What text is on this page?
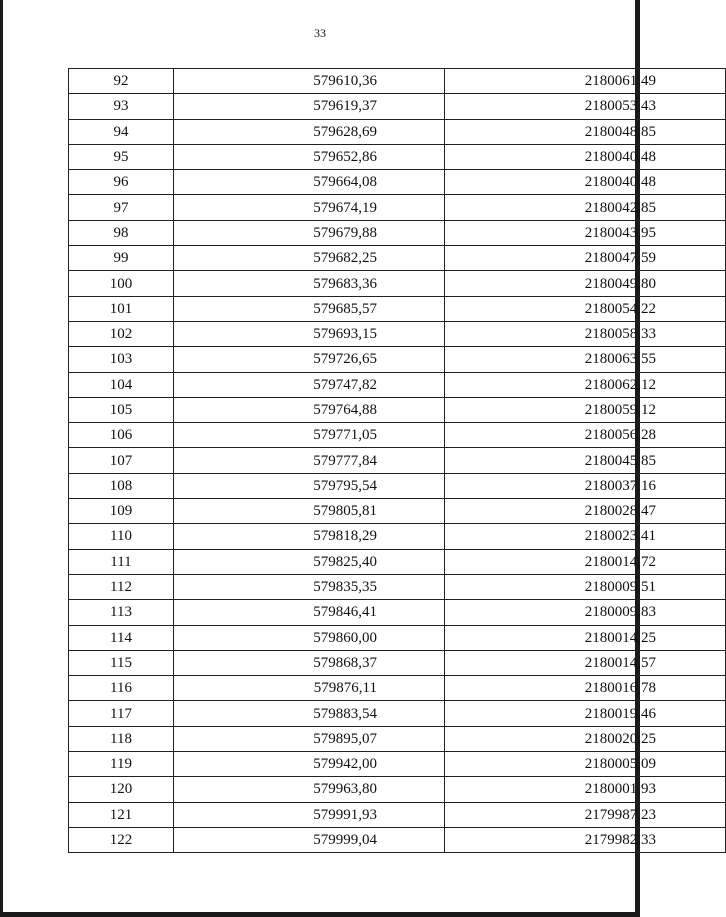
33
92	579610,36	2180061,49
93	579619,37	2180053,43
94	579628,69	2180048,85
95	579652,86	2180040,48
96	579664,08	2180040,48
97	579674,19	2180042,85
98	579679,88	2180043,95
99	579682,25	2180047,59
100	579683,36	2180049,80
101	579685,57	2180054,22
102	579693,15	2180058,33
103	579726,65	2180063,55
104	579747,82	2180062,12
105	579764,88	2180059,12
106	579771,05	2180056,28
107	579777,84	2180045,85
108	579795,54	2180037,16
109	579805,81	2180028,47
110	579818,29	2180023,41
111	579825,40	2180014,72
112	579835,35	2180009,51
113	579846,41	2180009,83
114	579860,00	2180014,25
115	579868,37	2180014,57
116	579876,11	2180016,78
117	579883,54	2180019,46
118	579895,07	2180020,25
119	579942,00	2180005,09
120	579963,80	2180001,93
121	579991,93	2179987,23
122	579999,04	2179982,33
